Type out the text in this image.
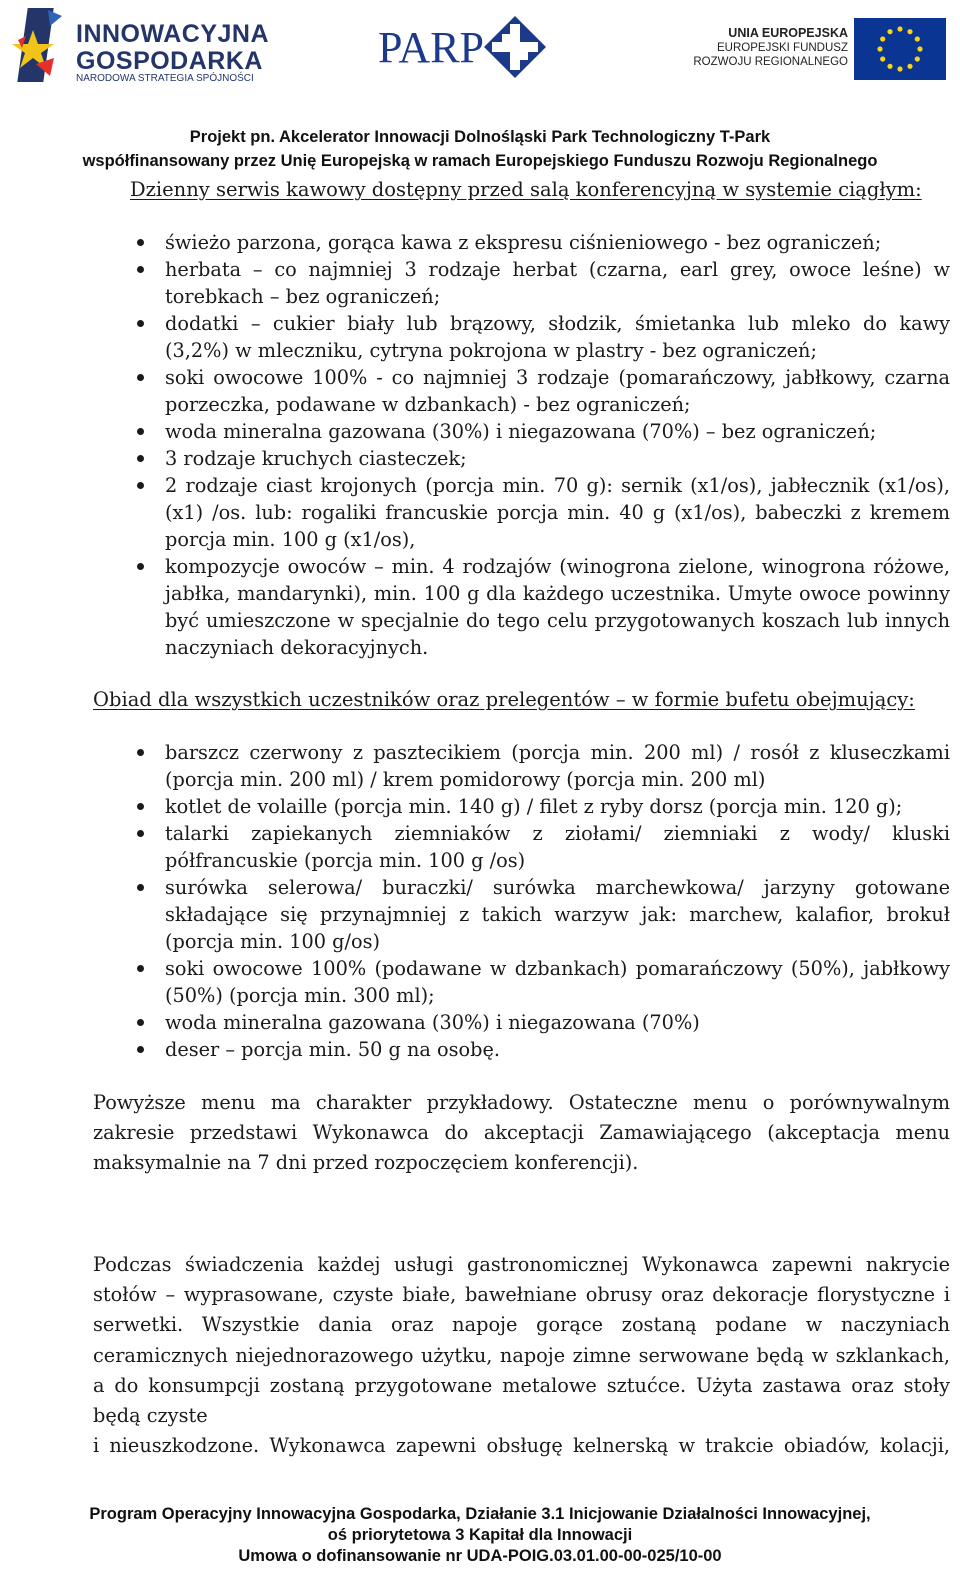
INNOWACYJNA
GOSPODARKA
NARODOWA STRATEGIA SPÓJNOŚCI
PARP	UNIA EUROPEJSKA
EUROPEJSKI FUNDUSZ
ROZWOJU REGIONALNEGO
Projekt pn. Akcelerator Innowacji Dolnośląski Park Technologiczny T-Park
współfinansowany przez Unię Europejską w ramach Europejskiego Funduszu Rozwoju Regionalnego
Dzienny serwis kawowy dostępny przed salą konferencyjną w systemie ciągłym:
świeżo parzona, gorąca kawa z ekspresu ciśnieniowego - bez ograniczeń;
herbata – co najmniej 3 rodzaje herbat (czarna, earl grey, owoce leśne) w torebkach – bez ograniczeń;
dodatki – cukier biały lub brązowy, słodzik, śmietanka lub mleko do kawy (3,2%) w mleczniku, cytryna pokrojona w plastry - bez ograniczeń;
soki owocowe 100% - co najmniej 3 rodzaje (pomarańczowy, jabłkowy, czarna porzeczka, podawane w dzbankach) - bez ograniczeń;
woda mineralna gazowana (30%) i niegazowana (70%) – bez ograniczeń;
3 rodzaje kruchych ciasteczek;
2 rodzaje ciast krojonych (porcja min. 70 g): sernik (x1/os), jabłecznik (x1/os), (x1) /os. lub: rogaliki francuskie porcja min. 40 g (x1/os), babeczki z kremem porcja min. 100 g (x1/os),
kompozycje owoców – min. 4 rodzajów (winogrona zielone, winogrona różowe, jabłka, mandarynki), min. 100 g dla każdego uczestnika. Umyte owoce powinny być umieszczone w specjalnie do tego celu przygotowanych koszach lub innych naczyniach dekoracyjnych.
Obiad dla wszystkich uczestników oraz prelegentów – w formie bufetu obejmujący:
barszcz czerwony z pasztecikiem (porcja min. 200 ml) / rosół z kluseczkami (porcja min. 200 ml) / krem pomidorowy (porcja min. 200 ml)
kotlet de volaille (porcja min. 140 g) / filet z ryby dorsz (porcja min. 120 g);
talarki zapiekanych ziemniaków z ziołami/ ziemniaki z wody/ kluski półfrancuskie (porcja min. 100 g /os)
surówka selerowa/ buraczki/ surówka marchewkowa/ jarzyny gotowane składające się przynajmniej z takich warzyw jak: marchew, kalafior, brokuł (porcja min. 100 g/os)
soki owocowe 100% (podawane w dzbankach) pomarańczowy (50%), jabłkowy (50%) (porcja min. 300 ml);
woda mineralna gazowana (30%) i niegazowana (70%)
deser – porcja min. 50 g na osobę.
Powyższe menu ma charakter przykładowy. Ostateczne menu o porównywalnym zakresie przedstawi Wykonawca do akceptacji Zamawiającego (akceptacja menu maksymalnie na 7 dni przed rozpoczęciem konferencji).
Podczas świadczenia każdej usługi gastronomicznej Wykonawca zapewni nakrycie stołów – wyprasowane, czyste białe, bawełniane obrusy oraz dekoracje florystyczne i serwetki. Wszystkie dania oraz napoje gorące zostaną podane w naczyniach ceramicznych niejednorazowego użytku, napoje zimne serwowane będą w szklankach, a do konsumpcji zostaną przygotowane metalowe sztućce. Użyta zastawa oraz stoły będą czyste
i nieuszkodzone. Wykonawca zapewni obsługę kelnerską w trakcie obiadów, kolacji,
Program Operacyjny Innowacyjna Gospodarka, Działanie 3.1 Inicjowanie Działalności Innowacyjnej,
oś priorytetowa 3 Kapitał dla Innowacji
Umowa o dofinansowanie nr UDA-POIG.03.01.00-00-025/10-00
